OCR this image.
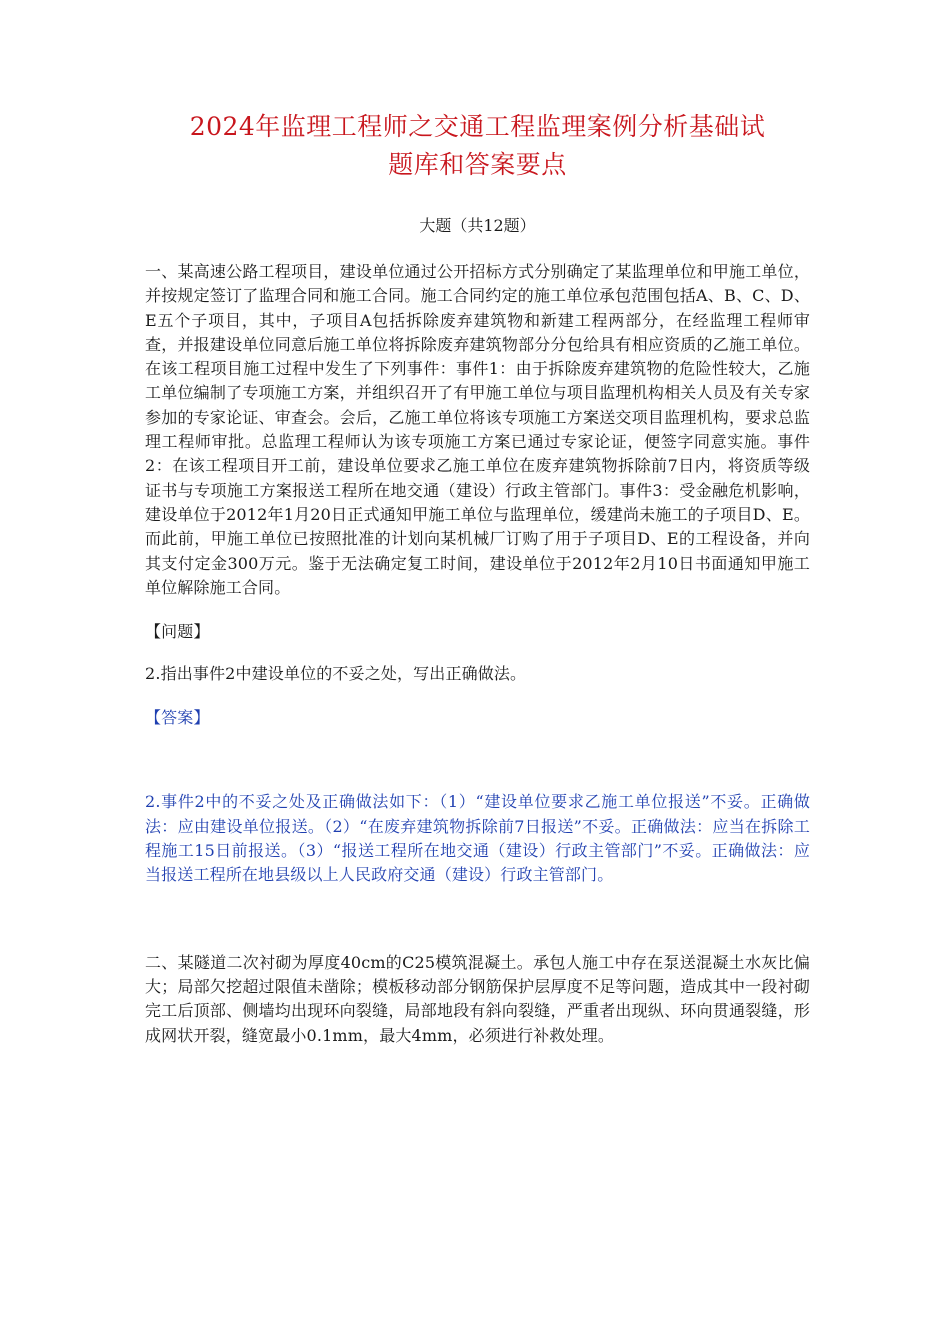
2024年监理工程师之交通工程监理案例分析基础试
题库和答案要点
大题（共12题）

一、某高速公路工程项目，建设单位通过公开招标方式分别确定了某监理单位和甲施工单位，并按规定签订了监理合同和施工合同。施工合同约定的施工单位承包范围包括A、B、C、D、E五个子项目，其中，子项目A包括拆除废弃建筑物和新建工程两部分，在经监理工程师审查，并报建设单位同意后施工单位将拆除废弃建筑物部分分包给具有相应资质的乙施工单位。在该工程项目施工过程中发生了下列事件：事件1：由于拆除废弃建筑物的危险性较大，乙施工单位编制了专项施工方案，并组织召开了有甲施工单位与项目监理机构相关人员及有关专家参加的专家论证、审查会。会后，乙施工单位将该专项施工方案送交项目监理机构，要求总监理工程师审批。总监理工程师认为该专项施工方案已通过专家论证，便签字同意实施。事件2：在该工程项目开工前，建设单位要求乙施工单位在废弃建筑物拆除前7日内，将资质等级证书与专项施工方案报送工程所在地交通（建设）行政主管部门。事件3：受金融危机影响，建设单位于2012年1月20日正式通知甲施工单位与监理单位，缓建尚未施工的子项目D、E。而此前，甲施工单位已按照批准的计划向某机械厂订购了用于子项目D、E的工程设备，并向其支付定金300万元。鉴于无法确定复工时间，建设单位于2012年2月10日书面通知甲施工单位解除施工合同。

【问题】

2.指出事件2中建设单位的不妥之处，写出正确做法。

【答案】

2.事件2中的不妥之处及正确做法如下：（1）“建设单位要求乙施工单位报送”不妥。正确做法：应由建设单位报送。（2）“在废弃建筑物拆除前7日报送”不妥。正确做法：应当在拆除工程施工15日前报送。（3）“报送工程所在地交通（建设）行政主管部门”不妥。正确做法：应当报送工程所在地县级以上人民政府交通（建设）行政主管部门。

二、某隧道二次衬砌为厚度40cm的C25模筑混凝土。承包人施工中存在泵送混凝土水灰比偏大；局部欠挖超过限值未凿除；模板移动部分钢筋保护层厚度不足等问题，造成其中一段衬砌完工后顶部、侧墙均出现环向裂缝，局部地段有斜向裂缝，严重者出现纵、环向贯通裂缝，形成网状开裂，缝宽最小0.1mm，最大4mm，必须进行补救处理。
